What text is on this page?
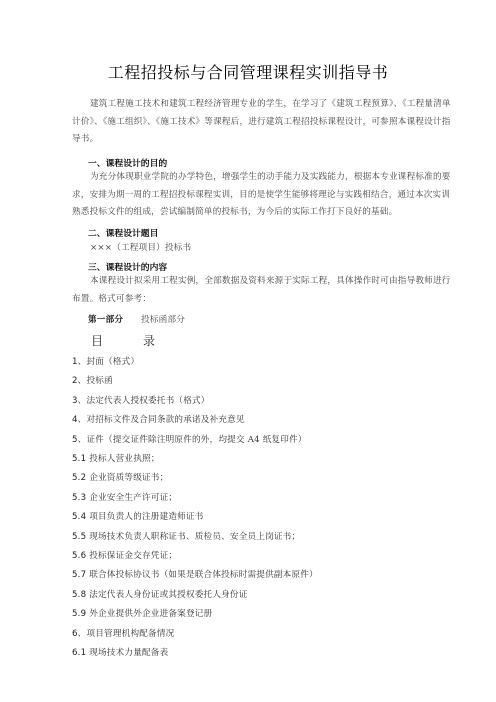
工程招投标与合同管理课程实训指导书
建筑工程施工技术和建筑工程经济管理专业的学生，在学习了《建筑工程预算》、《工程量清单计价》、《施工组织》、《施工技术》等课程后，进行建筑工程招投标课程设计，可参照本课程设计指导书。
一、课程设计的目的
为充分体现职业学院的办学特色，增强学生的动手能力及实践能力，根据本专业课程标准的要求，安排为期一周的工程招投标课程实训，目的是使学生能够将理论与实践相结合，通过本次实训熟悉投标文件的组成，尝试编制简单的投标书，为今后的实际工作打下良好的基础。
二、课程设计题目
×××（工程项目）投标书
三、课程设计的内容
本课程设计拟采用工程实例，全部数据及资料来源于实际工程，具体操作时可由指导教师进行布置。格式可参考：
第一部分 投标函部分
目	录
1、封面（格式）
2、投标函
3、法定代表人授权委托书（格式）
4、对招标文件及合同条款的承诺及补充意见
5、证件（提交证件除注明原件的外，均提交 A4 纸复印件）
5.1 投标人营业执照；
5.2 企业资质等级证书；
5.3 企业安全生产许可证；
5.4 项目负责人的注册建造师证书
5.5 现场技术负责人职称证书、质检员、安全员上岗证书；
5.6 投标保证金交存凭证；
5.7 联合体投标协议书（如果是联合体投标时需提供副本原件）
5.8 法定代表人身份证或其授权委托人身份证
5.9 外企业提供外企业进备案登记册
6、项目管理机构配备情况
6.1 现场技术力量配备表
